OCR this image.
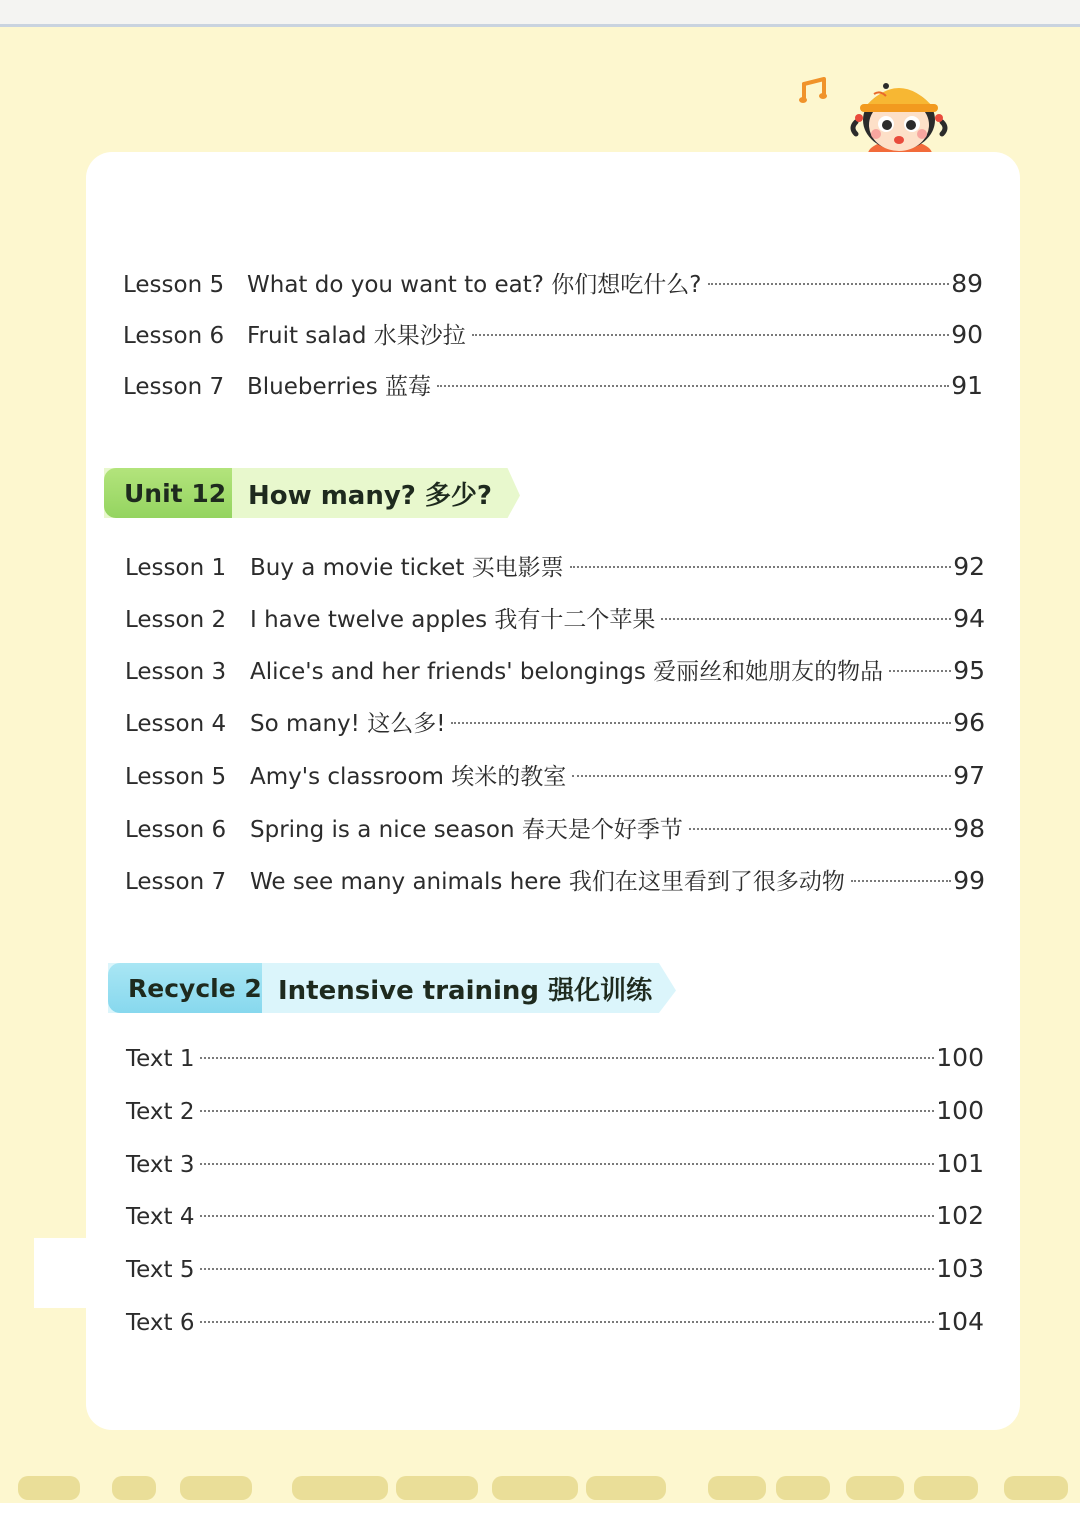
Lesson 5 What do you want to eat? 你们想吃什么?	89
Lesson 6 Fruit salad 水果沙拉	90
Lesson 7 Blueberries 蓝莓	91
Unit 12 How many? 多少?
Lesson 1	Buy a movie ticket 买电影票	92
Lesson 2	I have twelve apples 我有十二个苹果	94
Lesson 3	Alice's and her friends' belongings 爱丽丝和她朋友的物品	95
Lesson 4	So many! 这么多!	96
Lesson 5	Amy's classroom 埃米的教室	97
Lesson 6	Spring is a nice season 春天是个好季节	98
Lesson 7	We see many animals here 我们在这里看到了很多动物	99
Recycle 2 Intensive training 强化训练
Text 1	100
Text 2	100
Text 3	101
Text 4	102
Text 5	103
Text 6	104
